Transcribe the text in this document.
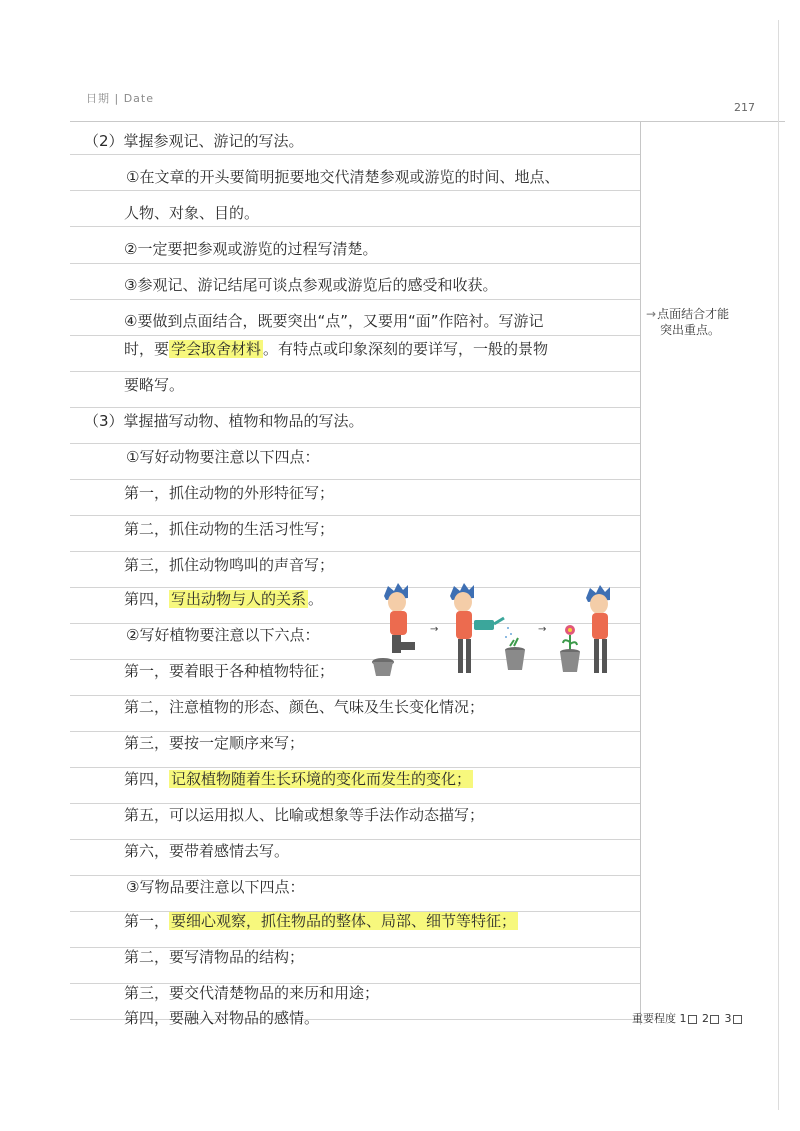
日期 | Date
217
（2）掌握参观记、游记的写法。
①在文章的开头要简明扼要地交代清楚参观或游览的时间、地点、
人物、对象、目的。
②一定要把参观或游览的过程写清楚。
③参观记、游记结尾可谈点参观或游览后的感受和收获。
④要做到点面结合，既要突出“点”，又要用“面”作陪衬。写游记
时，要 学会取舍材料 。有特点或印象深刻的要详写，一般的景物
要略写。
（3）掌握描写动物、植物和物品的写法。
①写好动物要注意以下四点：
第一，抓住动物的外形特征写；
第二，抓住动物的生活习性写；
第三，抓住动物鸣叫的声音写；
第四， 写出动物与人的关系 。
②写好植物要注意以下六点：
第一，要着眼于各种植物特征；
第二，注意植物的形态、颜色、气味及生长变化情况；
第三，要按一定顺序来写；
第四， 记叙植物随着生长环境的变化而发生的变化；
第五，可以运用拟人、比喻或想象等手法作动态描写；
第六，要带着感情去写。
③写物品要注意以下四点：
第一， 要细心观察，抓住物品的整体、局部、细节等特征；
第二，要写清物品的结构；
第三，要交代清楚物品的来历和用途；
第四，要融入对物品的感情。
→点面结合才能
突出重点。
重要程度 1 2 3
→	→
